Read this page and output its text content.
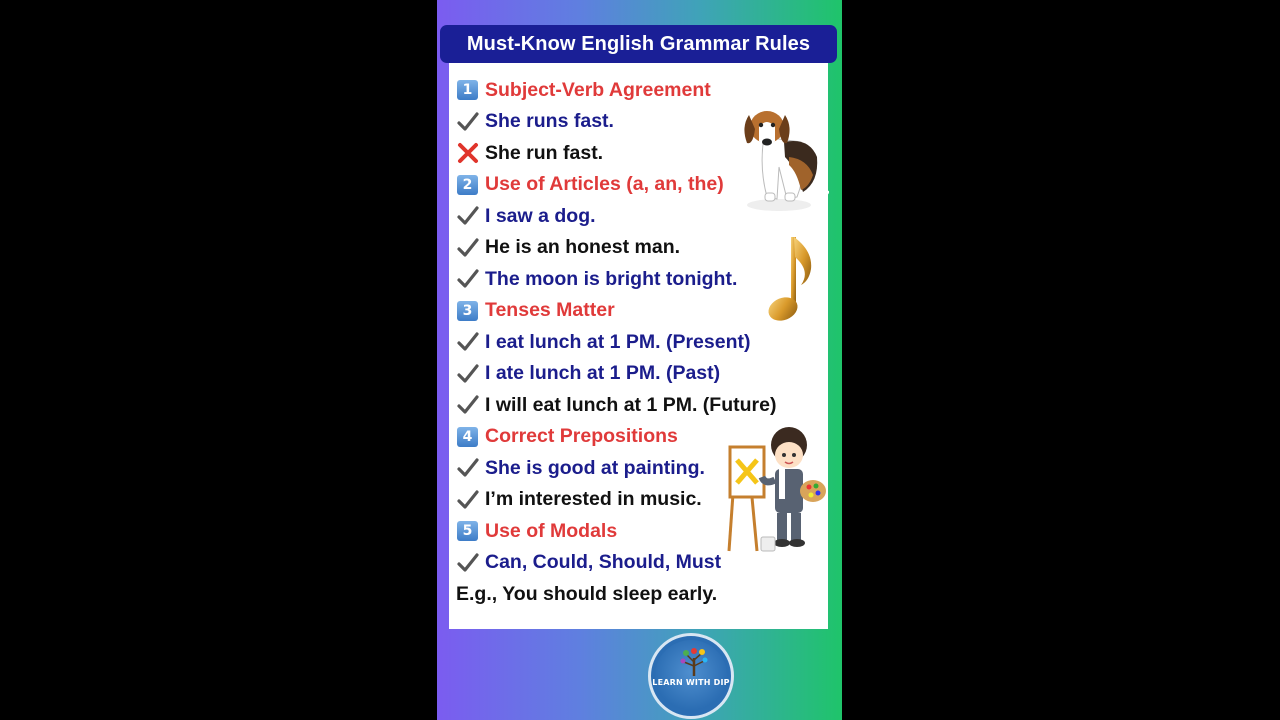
Must-Know English Grammar Rules
1 Subject-Verb Agreement
She runs fast.
She run fast.
2 Use of Articles (a, an, the)
I saw a dog.
He is an honest man.
The moon is bright tonight.
3 Tenses Matter
I eat lunch at 1 PM. (Present)
I ate lunch at 1 PM. (Past)
I will eat lunch at 1 PM. (Future)
4 Correct Prepositions
She is good at painting.
I’m interested in music.
5 Use of Modals
Can, Could, Should, Must
E.g., You should sleep early.
LEARN WITH DIP
